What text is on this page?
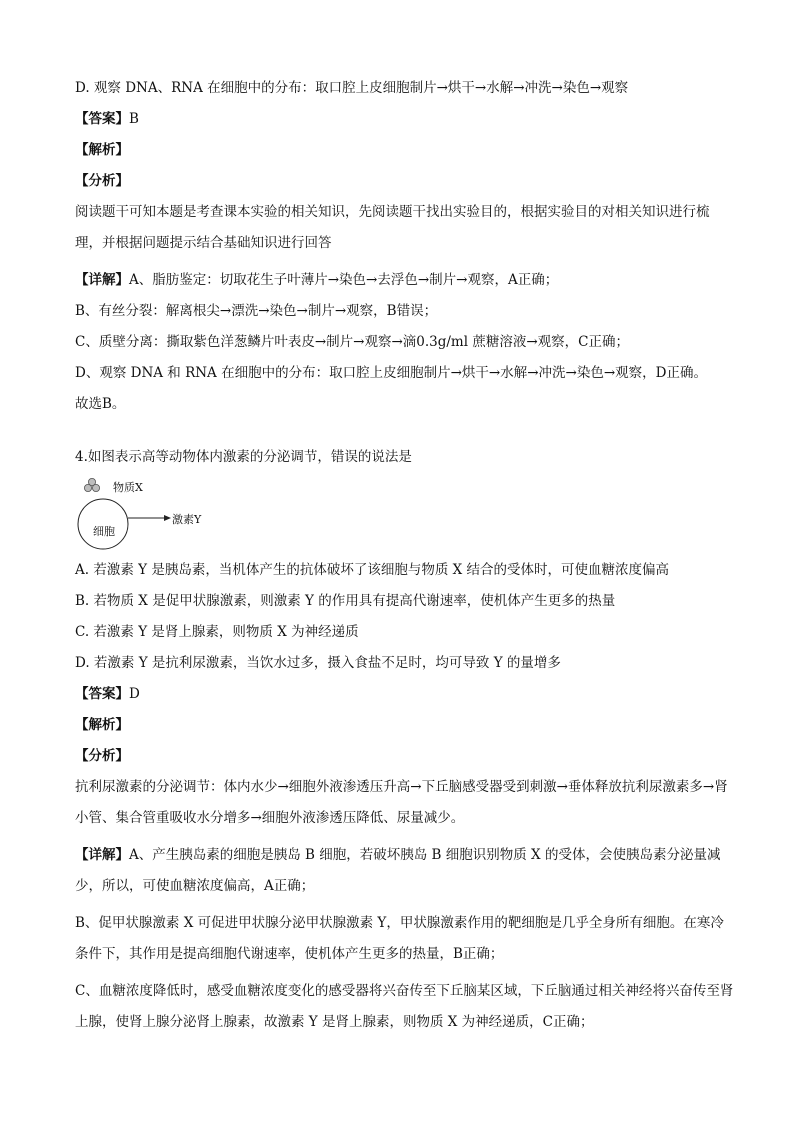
D. 观察 DNA、RNA 在细胞中的分布：取口腔上皮细胞制片→烘干→水解→冲洗→染色→观察
【答案】B
【解析】
【分析】
阅读题干可知本题是考查课本实验的相关知识，先阅读题干找出实验目的，根据实验目的对相关知识进行梳理，并根据问题提示结合基础知识进行回答
【详解】A、脂肪鉴定：切取花生子叶薄片→染色→去浮色→制片→观察，A正确；
B、有丝分裂：解离根尖→漂洗→染色→制片→观察，B错误；
C、质壁分离：撕取紫色洋葱鳞片叶表皮→制片→观察→滴0.3g/ml 蔗糖溶液→观察，C正确；
D、观察 DNA 和 RNA 在细胞中的分布：取口腔上皮细胞制片→烘干→水解→冲洗→染色→观察，D正确。
故选B。
4.如图表示高等动物体内激素的分泌调节，错误的说法是
物质X
细胞
激素Y
A. 若激素 Y 是胰岛素，当机体产生的抗体破坏了该细胞与物质 X 结合的受体时，可使血糖浓度偏高
B. 若物质 X 是促甲状腺激素，则激素 Y 的作用具有提高代谢速率，使机体产生更多的热量
C. 若激素 Y 是肾上腺素，则物质 X 为神经递质
D. 若激素 Y 是抗利尿激素，当饮水过多，摄入食盐不足时，均可导致 Y 的量增多
【答案】D
【解析】
【分析】
抗利尿激素的分泌调节：体内水少→细胞外液渗透压升高→下丘脑感受器受到刺激→垂体释放抗利尿激素多→肾小管、集合管重吸收水分增多→细胞外液渗透压降低、尿量减少。
【详解】A、产生胰岛素的细胞是胰岛 B 细胞，若破坏胰岛 B 细胞识别物质 X 的受体，会使胰岛素分泌量减少，所以，可使血糖浓度偏高，A正确；
B、促甲状腺激素 X 可促进甲状腺分泌甲状腺激素 Y，甲状腺激素作用的靶细胞是几乎全身所有细胞。在寒冷条件下，其作用是提高细胞代谢速率，使机体产生更多的热量，B正确；
C、血糖浓度降低时，感受血糖浓度变化的感受器将兴奋传至下丘脑某区域，下丘脑通过相关神经将兴奋传至肾上腺，使肾上腺分泌肾上腺素，故激素 Y 是肾上腺素，则物质 X 为神经递质，C正确；
